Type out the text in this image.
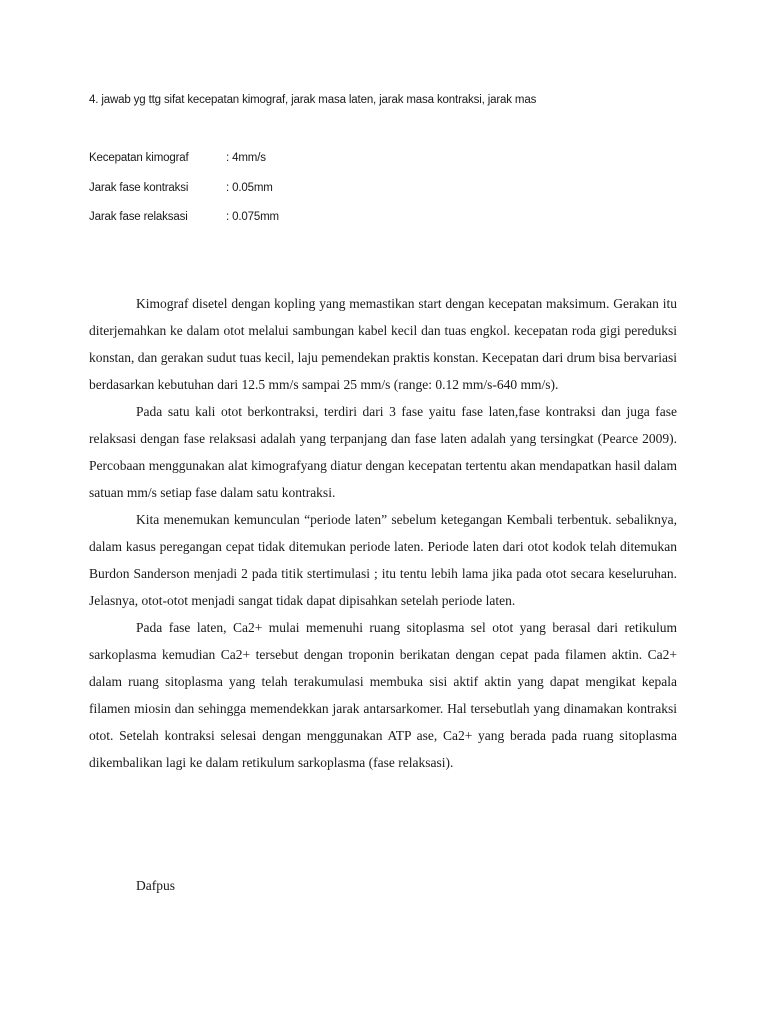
4. jawab yg ttg sifat kecepatan kimograf, jarak masa laten, jarak masa kontraksi, jarak mas
Kecepatan kimograf	: 4mm/s
Jarak fase kontraksi	: 0.05mm
Jarak fase relaksasi	: 0.075mm

Kimograf disetel dengan kopling yang memastikan start dengan kecepatan maksimum. Gerakan itu diterjemahkan ke dalam otot melalui sambungan kabel kecil dan tuas engkol. kecepatan roda gigi pereduksi konstan, dan gerakan sudut tuas kecil, laju pemendekan praktis konstan. Kecepatan dari drum bisa bervariasi berdasarkan kebutuhan dari 12.5 mm/s sampai 25 mm/s (range: 0.12 mm/s-640 mm/s).

Pada satu kali otot berkontraksi, terdiri dari 3 fase yaitu fase laten,fase kontraksi dan juga fase relaksasi dengan fase relaksasi adalah yang terpanjang dan fase laten adalah yang tersingkat (Pearce 2009). Percobaan menggunakan alat kimografyang diatur dengan kecepatan tertentu akan mendapatkan hasil dalam satuan mm/s setiap fase dalam satu kontraksi.

Kita menemukan kemunculan “periode laten” sebelum ketegangan Kembali terbentuk. sebaliknya, dalam kasus peregangan cepat tidak ditemukan periode laten. Periode laten dari otot kodok telah ditemukan Burdon Sanderson menjadi 2 pada titik stertimulasi ; itu tentu lebih lama jika pada otot secara keseluruhan. Jelasnya, otot-otot menjadi sangat tidak dapat dipisahkan setelah periode laten.

Pada fase laten, Ca2+ mulai memenuhi ruang sitoplasma sel otot yang berasal dari retikulum sarkoplasma kemudian Ca2+ tersebut dengan troponin berikatan dengan cepat pada filamen aktin. Ca2+ dalam ruang sitoplasma yang telah terakumulasi membuka sisi aktif aktin yang dapat mengikat kepala filamen miosin dan sehingga memendekkan jarak antarsarkomer. Hal tersebutlah yang dinamakan kontraksi otot. Setelah kontraksi selesai dengan menggunakan ATP ase, Ca2+ yang berada pada ruang sitoplasma dikembalikan lagi ke dalam retikulum sarkoplasma (fase relaksasi).

Dafpus
